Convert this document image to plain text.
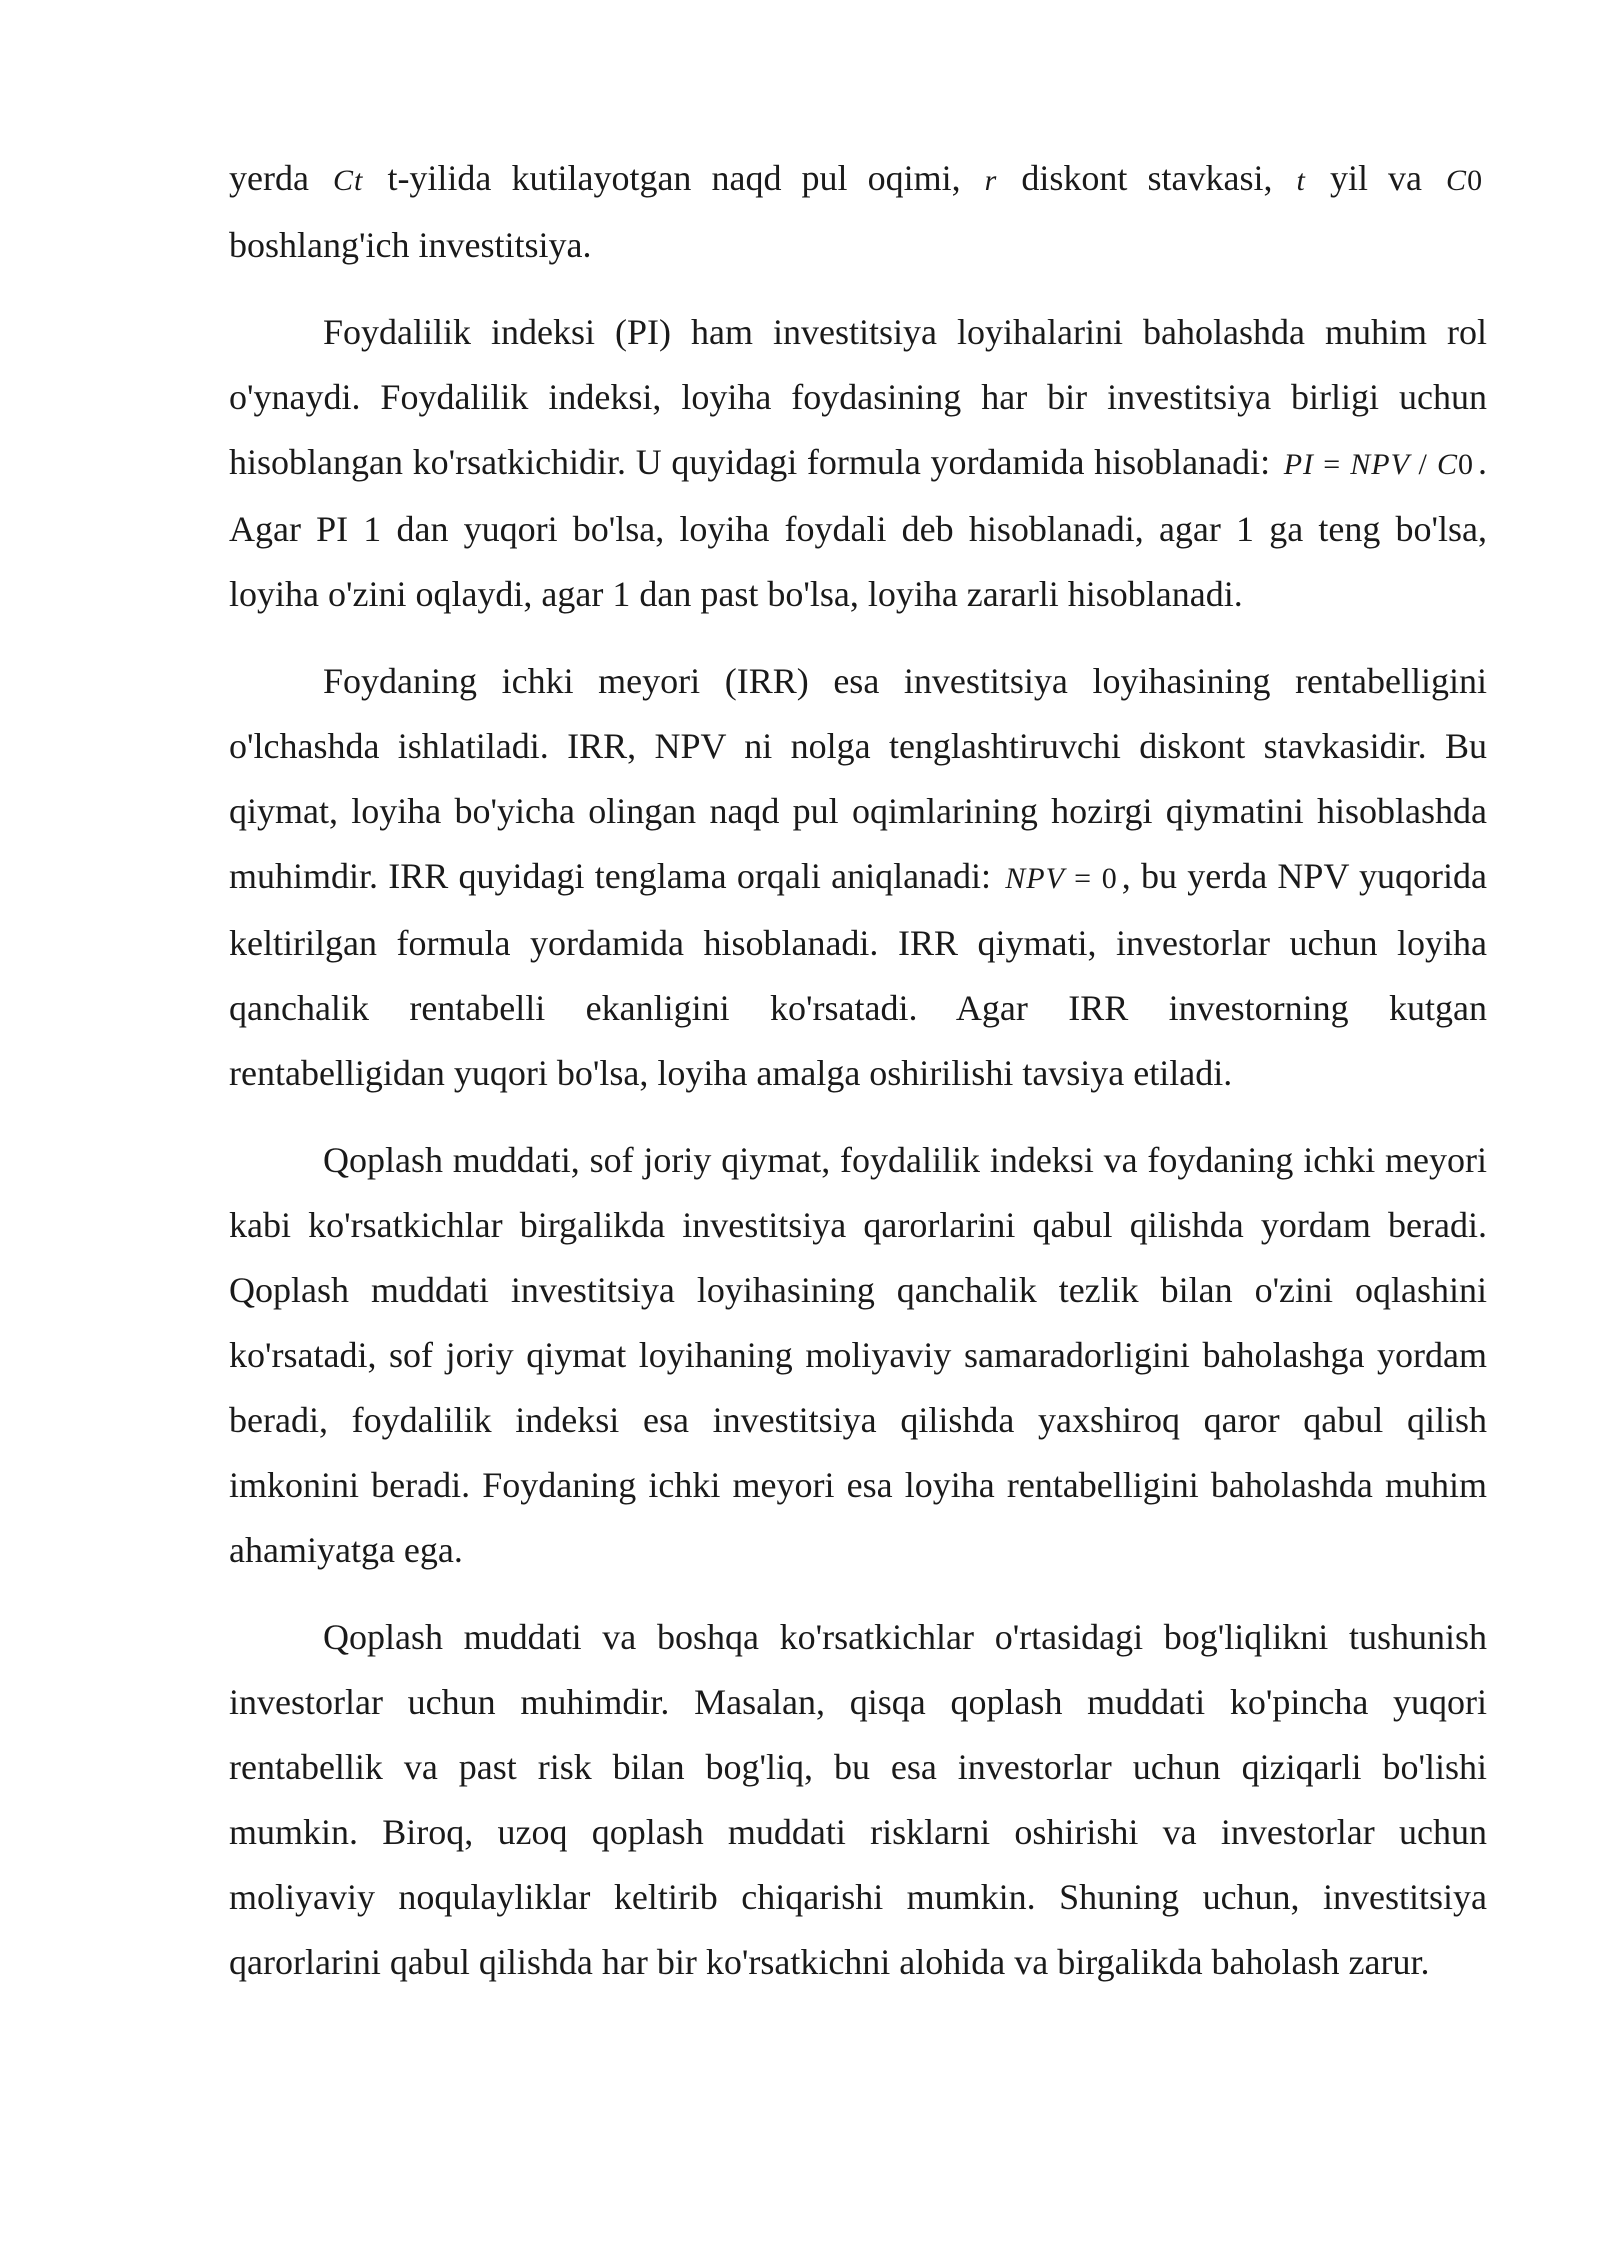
yerda Ct t-yilida kutilayotgan naqd pul oqimi, r diskont stavkasi, t yil va C0 boshlang'ich investitsiya.

Foydalilik indeksi (PI) ham investitsiya loyihalarini baholashda muhim rol o'ynaydi. Foydalilik indeksi, loyiha foydasining har bir investitsiya birligi uchun hisoblangan ko'rsatkichidir. U quyidagi formula yordamida hisoblanadi: PI = NPV / C0 . Agar PI 1 dan yuqori bo'lsa, loyiha foydali deb hisoblanadi, agar 1 ga teng bo'lsa, loyiha o'zini oqlaydi, agar 1 dan past bo'lsa, loyiha zararli hisoblanadi.

Foydaning ichki meyori (IRR) esa investitsiya loyihasining rentabelligini o'lchashda ishlatiladi. IRR, NPV ni nolga tenglashtiruvchi diskont stavkasidir. Bu qiymat, loyiha bo'yicha olingan naqd pul oqimlarining hozirgi qiymatini hisoblashda muhimdir. IRR quyidagi tenglama orqali aniqlanadi: NPV = 0 , bu yerda NPV yuqorida keltirilgan formula yordamida hisoblanadi. IRR qiymati, investorlar uchun loyiha qanchalik rentabelli ekanligini ko'rsatadi. Agar IRR investorning kutgan rentabelligidan yuqori bo'lsa, loyiha amalga oshirilishi tavsiya etiladi.

Qoplash muddati, sof joriy qiymat, foydalilik indeksi va foydaning ichki meyori kabi ko'rsatkichlar birgalikda investitsiya qarorlarini qabul qilishda yordam beradi. Qoplash muddati investitsiya loyihasining qanchalik tezlik bilan o'zini oqlashini ko'rsatadi, sof joriy qiymat loyihaning moliyaviy samaradorligini baholashga yordam beradi, foydalilik indeksi esa investitsiya qilishda yaxshiroq qaror qabul qilish imkonini beradi. Foydaning ichki meyori esa loyiha rentabelligini baholashda muhim ahamiyatga ega.

Qoplash muddati va boshqa ko'rsatkichlar o'rtasidagi bog'liqlikni tushunish investorlar uchun muhimdir. Masalan, qisqa qoplash muddati ko'pincha yuqori rentabellik va past risk bilan bog'liq, bu esa investorlar uchun qiziqarli bo'lishi mumkin. Biroq, uzoq qoplash muddati risklarni oshirishi va investorlar uchun moliyaviy noqulayliklar keltirib chiqarishi mumkin. Shuning uchun, investitsiya qarorlarini qabul qilishda har bir ko'rsatkichni alohida va birgalikda baholash zarur.
